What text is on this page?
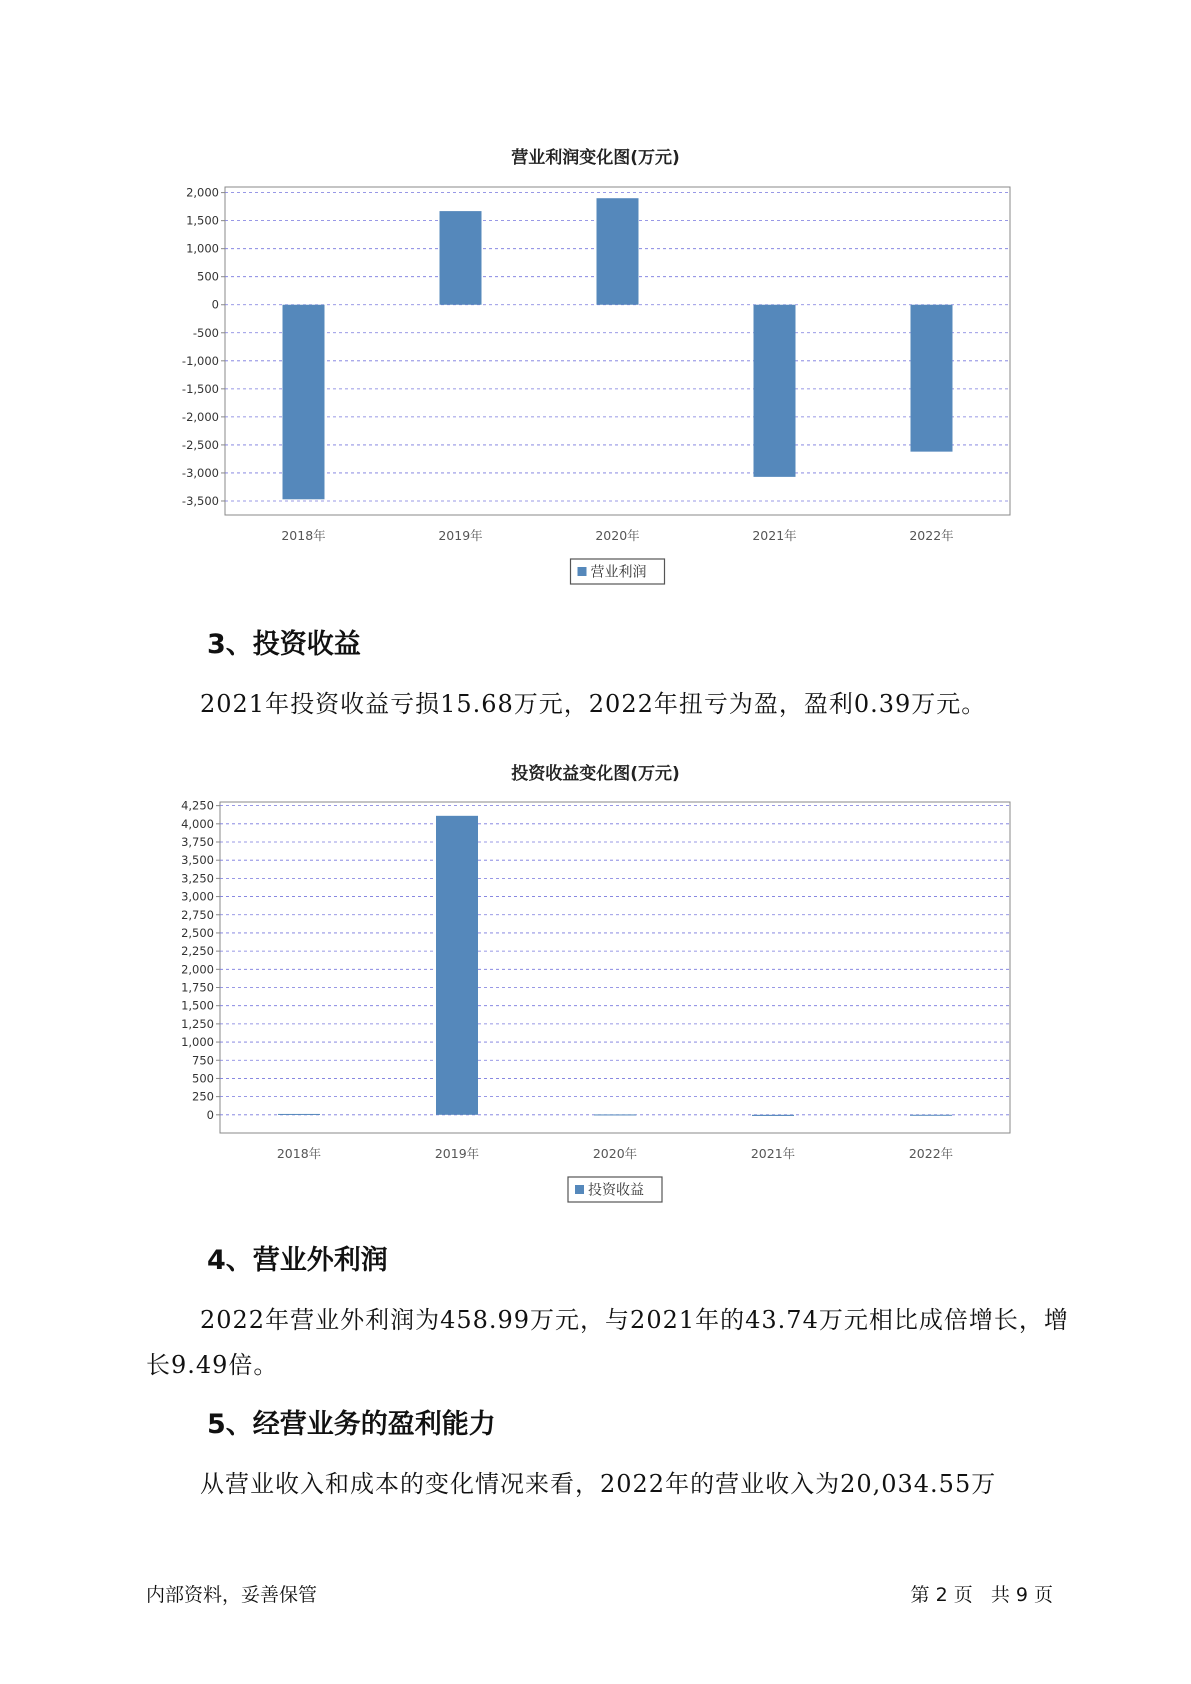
营业利润变化图(万元)
2,000
1,500
1,000
500
0
-500
-1,000
-1,500
-2,000
-2,500
-3,000
-3,500
2018年	2019年	2020年	2021年	2022年
营业利润
3、投资收益

2021年投资收益亏损15.68万元，2022年扭亏为盈，盈利0.39万元。

投资收益变化图(万元)
4,250
4,000
3,750
3,500
3,250
3,000
2,750
2,500
2,250
2,000
1,750
1,500
1,250
1,000
750
500
250
0
2018年	2019年	2020年	2021年	2022年
投资收益
4、营业外利润

2022年营业外利润为458.99万元，与2021年的43.74万元相比成倍增长，增长9.49倍。

5、经营业务的盈利能力

从营业收入和成本的变化情况来看，2022年的营业收入为20,034.55万

内部资料，妥善保管	第 2 页   共 9 页
